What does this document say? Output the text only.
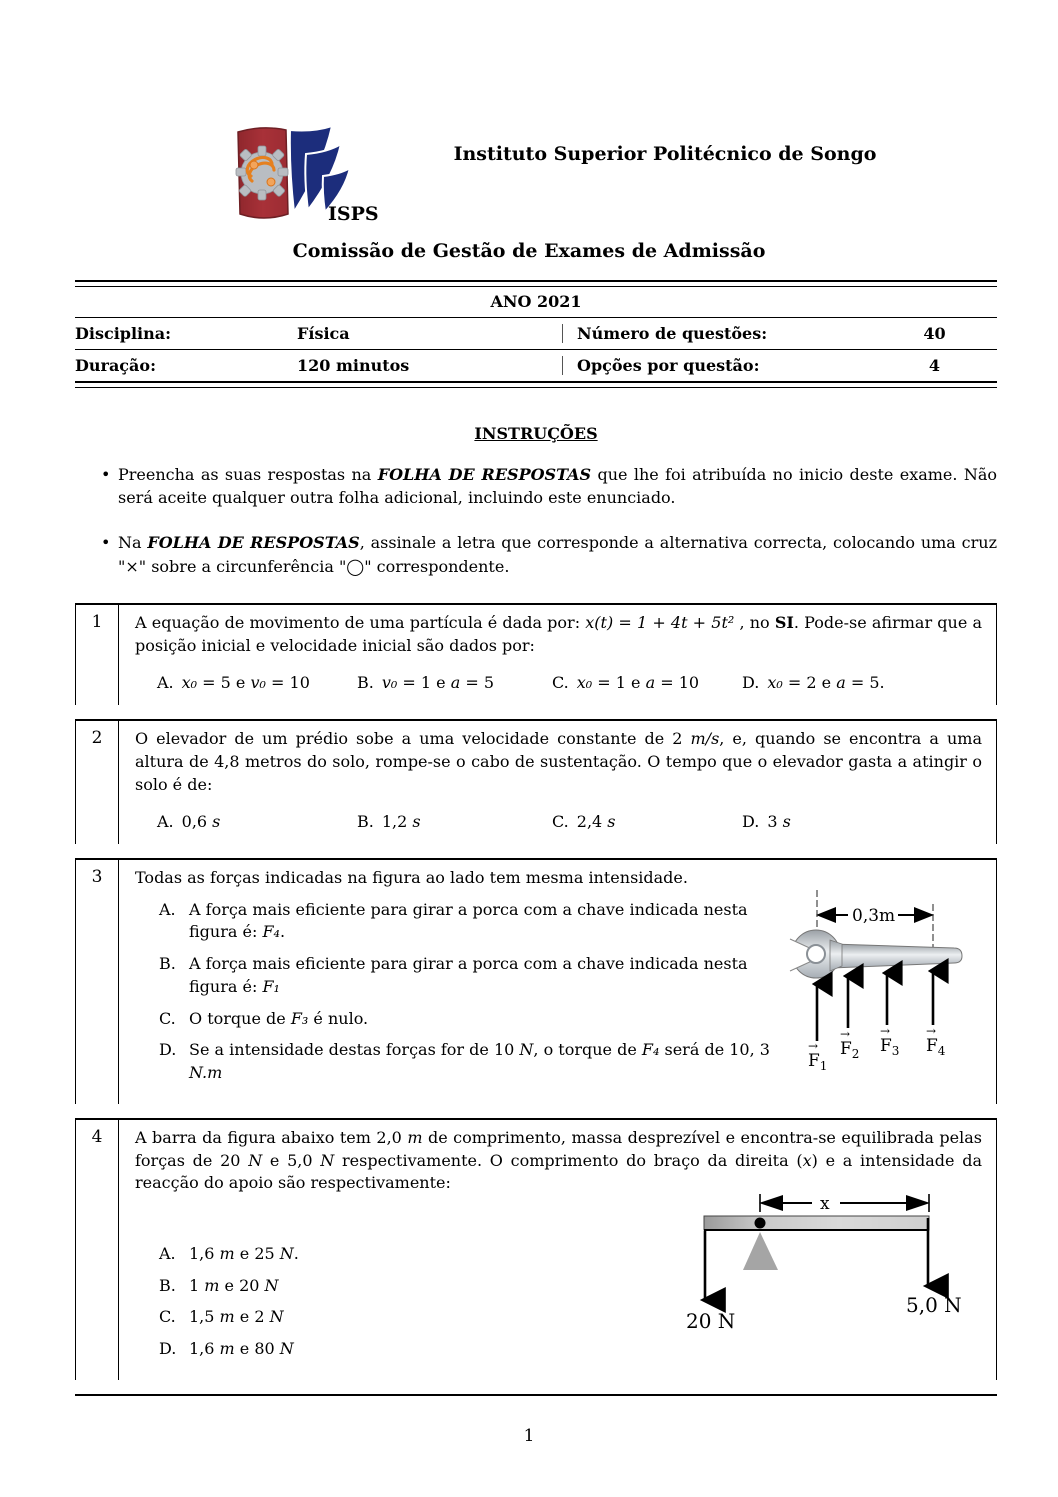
ISPS
Instituto Superior Politécnico de Songo
Comissão de Gestão de Exames de Admissão
ANO 2021
Disciplina:	Física	Número de questões:	40
Duração:	120 minutos	Opções por questão:	4
INSTRUÇÕES
• Preencha as suas respostas na FOLHA DE RESPOSTAS que lhe foi atribuída no inicio deste exame. Não será aceite qualquer outra folha adicional, incluindo este enunciado.
• Na FOLHA DE RESPOSTAS, assinale a letra que corresponde a alternativa correcta, colocando uma cruz "×" sobre a circunferência "◯" correspondente.
1	A equação de movimento de uma partícula é dada por: x(t) = 1 + 4t + 5t² , no SI. Pode-se afirmar que a posição inicial e velocidade inicial são dados por:
A. x₀ = 5 e v₀ = 10	B. v₀ = 1 e a = 5	C. x₀ = 1 e a = 10	D. x₀ = 2 e a = 5.
2	O elevador de um prédio sobe a uma velocidade constante de 2 m/s, e, quando se encontra a uma altura de 4,8 metros do solo, rompe-se o cabo de sustentação. O tempo que o elevador gasta a atingir o solo é de:
A. 0,6 s	B. 1,2 s	C. 2,4 s	D. 3 s
3	Todas as forças indicadas na figura ao lado tem mesma intensidade.
A. A força mais eficiente para girar a porca com a chave indicada nesta figura é: F₄.
B. A força mais eficiente para girar a porca com a chave indicada nesta figura é: F₁
C. O torque de F₃ é nulo.
D. Se a intensidade destas forças for de 10 N, o torque de F₄ será de 10, 3 N.m
0,3m
→
$F_1$
→
$F_2$
→
$F_3$
→
$F_4$
4	A barra da figura abaixo tem 2,0 m de comprimento, massa desprezível e encontra-se equilibrada pelas forças de 20 N e 5,0 N respectivamente. O comprimento do braço da direita (x) e a intensidade da reacção do apoio são respectivamente:
A. 1,6 m e 25 N.
B. 1 m e 20 N
C. 1,5 m e 2 N
D. 1,6 m e 80 N
x
20 N
5,0 N
1
